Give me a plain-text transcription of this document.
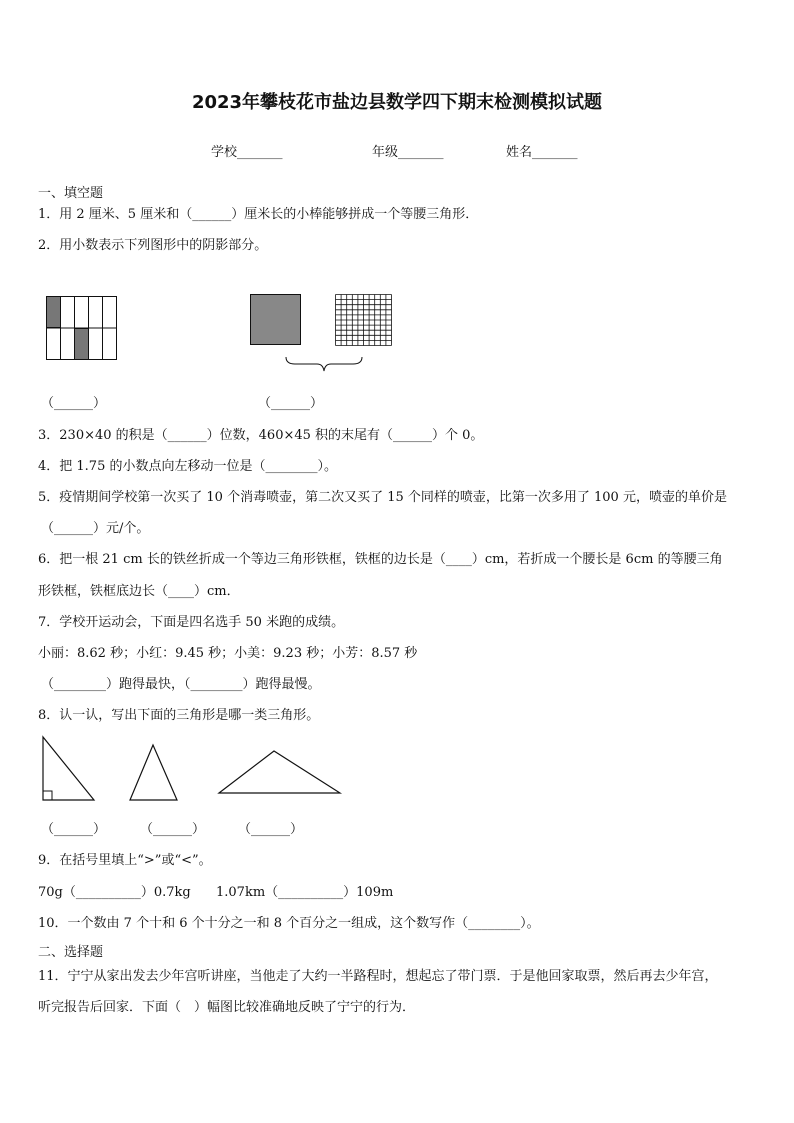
2023年攀枝花市盐边县数学四下期末检测模拟试题
学校_______	年级_______	姓名_______
一、填空题
1．用 2 厘米、5 厘米和（______）厘米长的小棒能够拼成一个等腰三角形．
2．用小数表示下列图形中的阴影部分。
（______）	（______）
3．230×40 的积是（______）位数，460×45 积的末尾有（______）个 0。
4．把 1.75 的小数点向左移动一位是（________）。
5．疫情期间学校第一次买了 10 个消毒喷壶，第二次又买了 15 个同样的喷壶，比第一次多用了 100 元，喷壶的单价是
（______）元/个。
6．把一根 21 cm 长的铁丝折成一个等边三角形铁框，铁框的边长是（____）cm，若折成一个腰长是 6cm 的等腰三角
形铁框，铁框底边长（____）cm．
7．学校开运动会，下面是四名选手 50 米跑的成绩。
小丽：8.62 秒；小红：9.45 秒；小美：9.23 秒；小芳：8.57 秒
（________）跑得最快，（________）跑得最慢。
8．认一认，写出下面的三角形是哪一类三角形。
（______）	（______）	（______）
9．在括号里填上“>”或“<”。
70g（__________）0.7kg 1.07km（__________）109m
10．一个数由 7 个十和 6 个十分之一和 8 个百分之一组成，这个数写作（________）。
二、选择题
11．宁宁从家出发去少年宫听讲座，当他走了大约一半路程时，想起忘了带门票．于是他回家取票，然后再去少年宫，
听完报告后回家．下面（　）幅图比较准确地反映了宁宁的行为．
